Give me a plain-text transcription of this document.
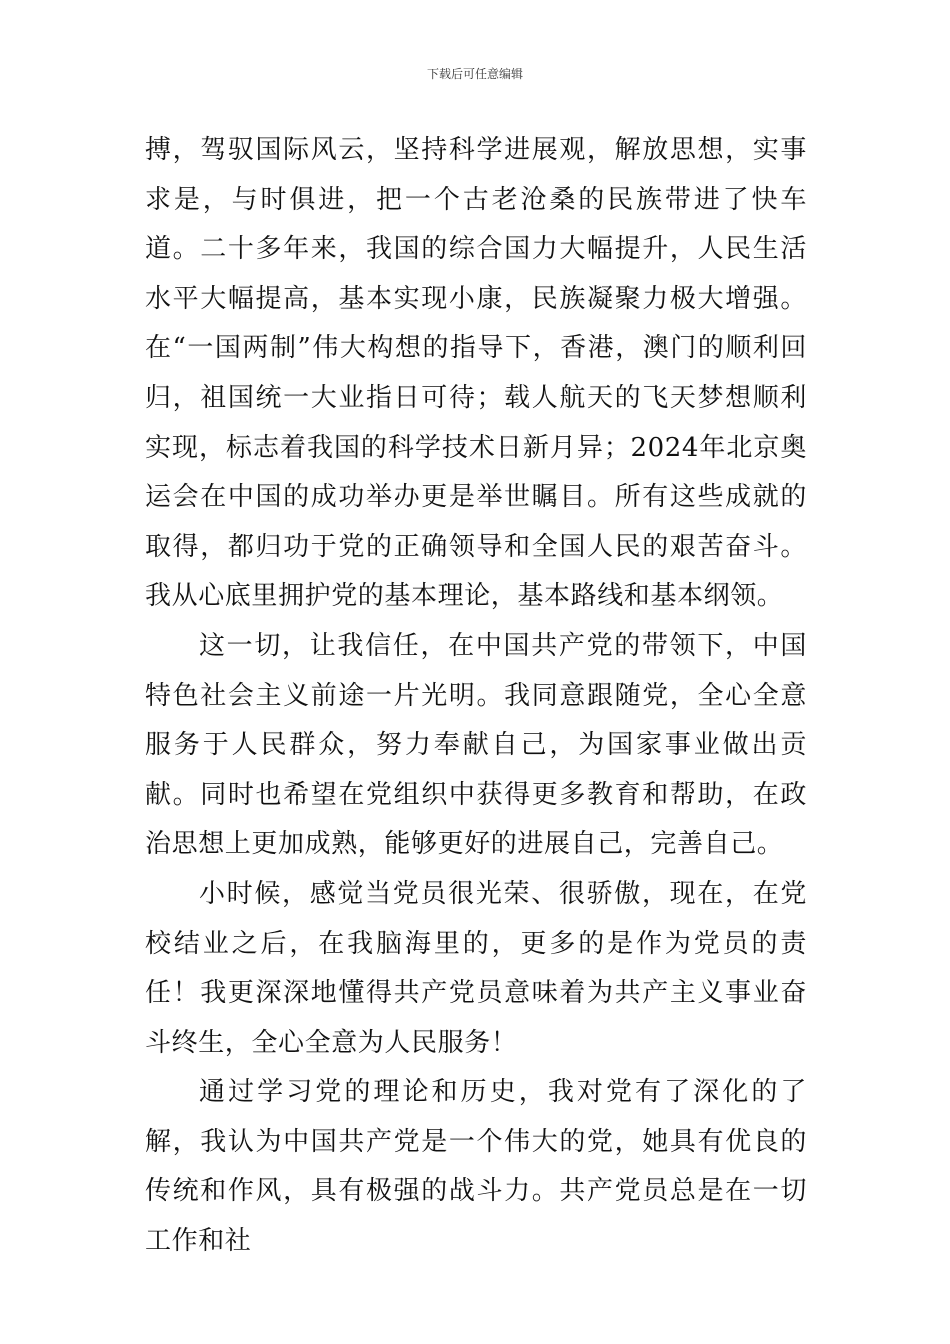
下载后可任意编辑

搏，驾驭国际风云，坚持科学进展观，解放思想，实事求是，与时俱进，把一个古老沧桑的民族带进了快车道。二十多年来，我国的综合国力大幅提升，人民生活水平大幅提高，基本实现小康，民族凝聚力极大增强。在“一国两制”伟大构想的指导下，香港，澳门的顺利回归，祖国统一大业指日可待；载人航天的飞天梦想顺利实现，标志着我国的科学技术日新月异；2024年北京奥运会在中国的成功举办更是举世瞩目。所有这些成就的取得，都归功于党的正确领导和全国人民的艰苦奋斗。我从心底里拥护党的基本理论，基本路线和基本纲领。

这一切，让我信任，在中国共产党的带领下，中国特色社会主义前途一片光明。我同意跟随党，全心全意服务于人民群众，努力奉献自己，为国家事业做出贡献。同时也希望在党组织中获得更多教育和帮助，在政治思想上更加成熟，能够更好的进展自己，完善自己。

小时候，感觉当党员很光荣、很骄傲，现在，在党校结业之后，在我脑海里的，更多的是作为党员的责任！我更深深地懂得共产党员意味着为共产主义事业奋斗终生，全心全意为人民服务！

通过学习党的理论和历史，我对党有了深化的了解，我认为中国共产党是一个伟大的党，她具有优良的传统和作风，具有极强的战斗力。共产党员总是在一切工作和社
